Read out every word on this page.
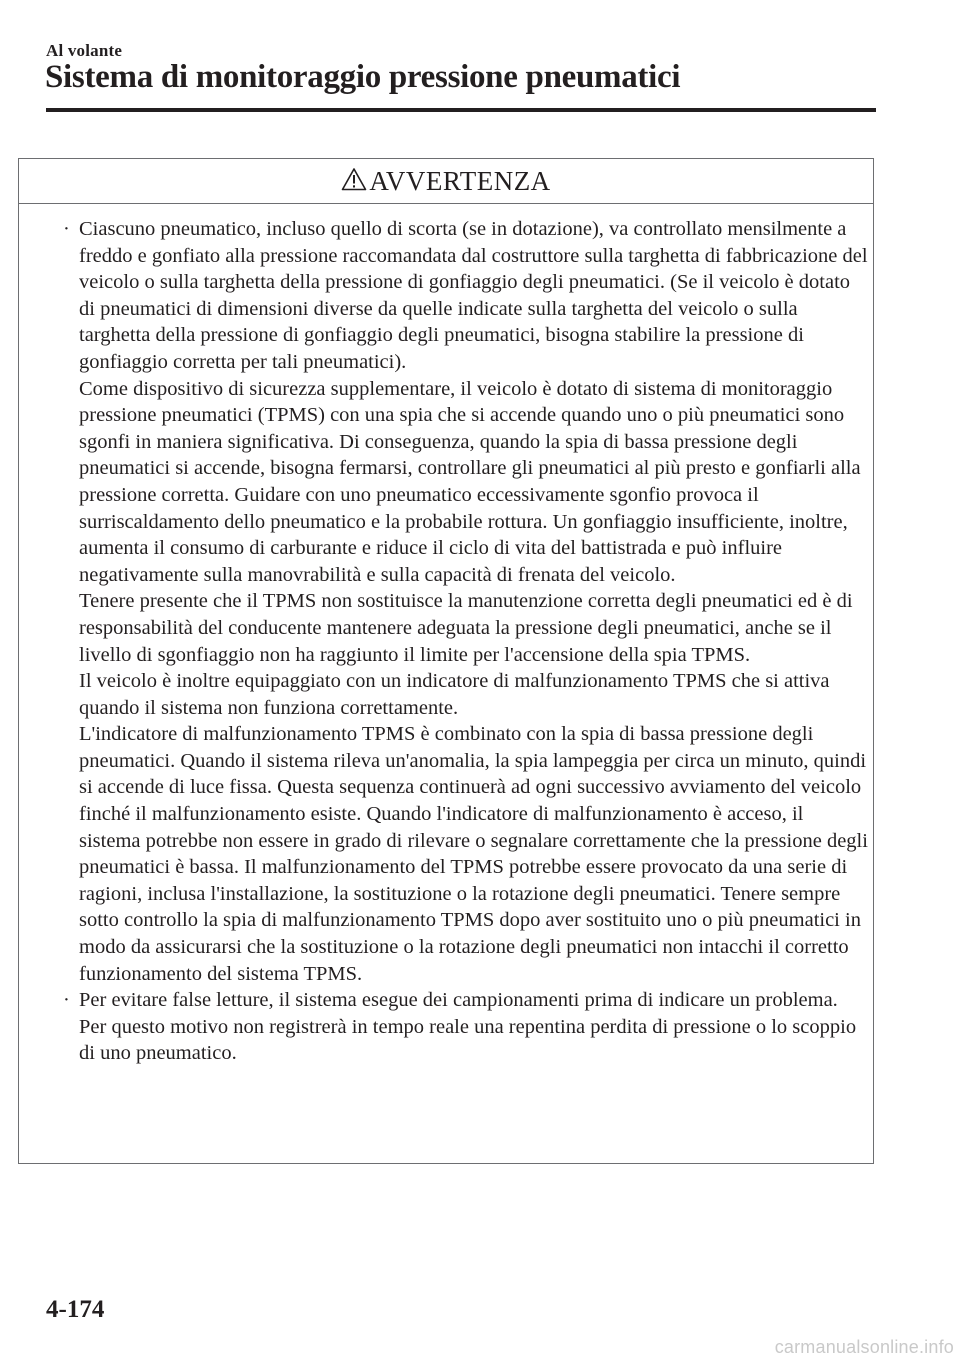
Al volante
Sistema di monitoraggio pressione pneumatici
AVVERTENZA
· Ciascuno pneumatico, incluso quello di scorta (se in dotazione), va controllato mensilmente a freddo e gonfiato alla pressione raccomandata dal costruttore sulla targhetta di fabbricazione del veicolo o sulla targhetta della pressione di gonfiaggio degli pneumatici. (Se il veicolo è dotato di pneumatici di dimensioni diverse da quelle indicate sulla targhetta del veicolo o sulla targhetta della pressione di gonfiaggio degli pneumatici, bisogna stabilire la pressione di gonfiaggio corretta per tali pneumatici).
Come dispositivo di sicurezza supplementare, il veicolo è dotato di sistema di monitoraggio pressione pneumatici (TPMS) con una spia che si accende quando uno o più pneumatici sono sgonfi in maniera significativa. Di conseguenza, quando la spia di bassa pressione degli pneumatici si accende, bisogna fermarsi, controllare gli pneumatici al più presto e gonfiarli alla pressione corretta. Guidare con uno pneumatico eccessivamente sgonfio provoca il surriscaldamento dello pneumatico e la probabile rottura. Un gonfiaggio insufficiente, inoltre, aumenta il consumo di carburante e riduce il ciclo di vita del battistrada e può influire negativamente sulla manovrabilità e sulla capacità di frenata del veicolo.
Tenere presente che il TPMS non sostituisce la manutenzione corretta degli pneumatici ed è di responsabilità del conducente mantenere adeguata la pressione degli pneumatici, anche se il livello di sgonfiaggio non ha raggiunto il limite per l'accensione della spia TPMS.
Il veicolo è inoltre equipaggiato con un indicatore di malfunzionamento TPMS che si attiva quando il sistema non funziona correttamente.
L'indicatore di malfunzionamento TPMS è combinato con la spia di bassa pressione degli pneumatici. Quando il sistema rileva un'anomalia, la spia lampeggia per circa un minuto, quindi si accende di luce fissa. Questa sequenza continuerà ad ogni successivo avviamento del veicolo finché il malfunzionamento esiste. Quando l'indicatore di malfunzionamento è acceso, il sistema potrebbe non essere in grado di rilevare o segnalare correttamente che la pressione degli pneumatici è bassa. Il malfunzionamento del TPMS potrebbe essere provocato da una serie di ragioni, inclusa l'installazione, la sostituzione o la rotazione degli pneumatici. Tenere sempre sotto controllo la spia di malfunzionamento TPMS dopo aver sostituito uno o più pneumatici in modo da assicurarsi che la sostituzione o la rotazione degli pneumatici non intacchi il corretto funzionamento del sistema TPMS.
· Per evitare false letture, il sistema esegue dei campionamenti prima di indicare un problema. Per questo motivo non registrerà in tempo reale una repentina perdita di pressione o lo scoppio di uno pneumatico.
4-174
carmanualsonline.info
